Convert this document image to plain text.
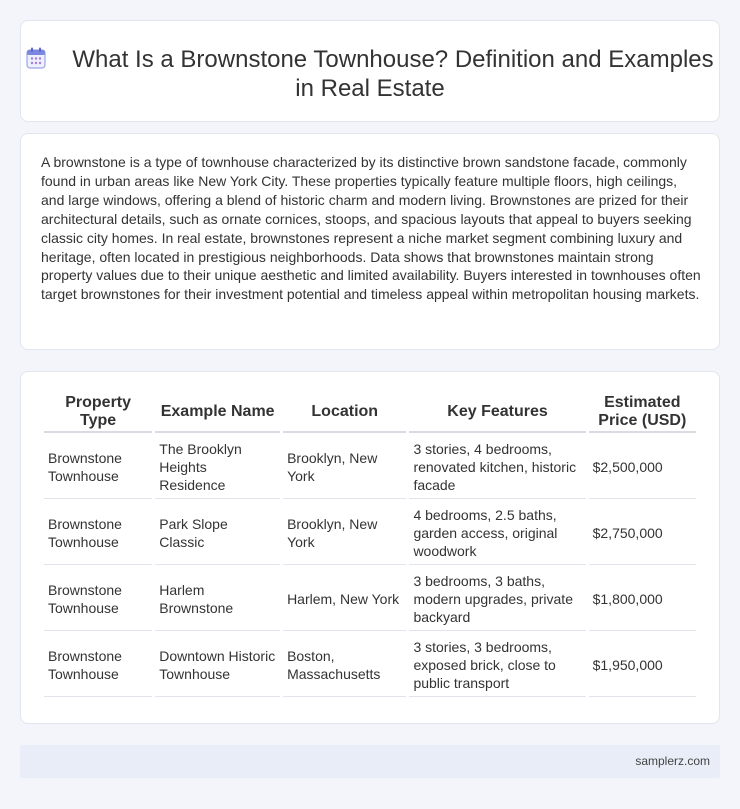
What Is a Brownstone Townhouse? Definition and Examples in Real Estate

A brownstone is a type of townhouse characterized by its distinctive brown sandstone facade, commonly found in urban areas like New York City. These properties typically feature multiple floors, high ceilings, and large windows, offering a blend of historic charm and modern living. Brownstones are prized for their architectural details, such as ornate cornices, stoops, and spacious layouts that appeal to buyers seeking classic city homes. In real estate, brownstones represent a niche market segment combining luxury and heritage, often located in prestigious neighborhoods. Data shows that brownstones maintain strong property values due to their unique aesthetic and limited availability. Buyers interested in townhouses often target brownstones for their investment potential and timeless appeal within metropolitan housing markets.

Property Type	Example Name	Location	Key Features	Estimated Price (USD)
Brownstone Townhouse	The Brooklyn Heights Residence	Brooklyn, New York	3 stories, 4 bedrooms, renovated kitchen, historic facade	$2,500,000
Brownstone Townhouse	Park Slope Classic	Brooklyn, New York	4 bedrooms, 2.5 baths, garden access, original woodwork	$2,750,000
Brownstone Townhouse	Harlem Brownstone	Harlem, New York	3 bedrooms, 3 baths, modern upgrades, private backyard	$1,800,000
Brownstone Townhouse	Downtown Historic Townhouse	Boston, Massachusetts	3 stories, 3 bedrooms, exposed brick, close to public transport	$1,950,000
samplerz.com
